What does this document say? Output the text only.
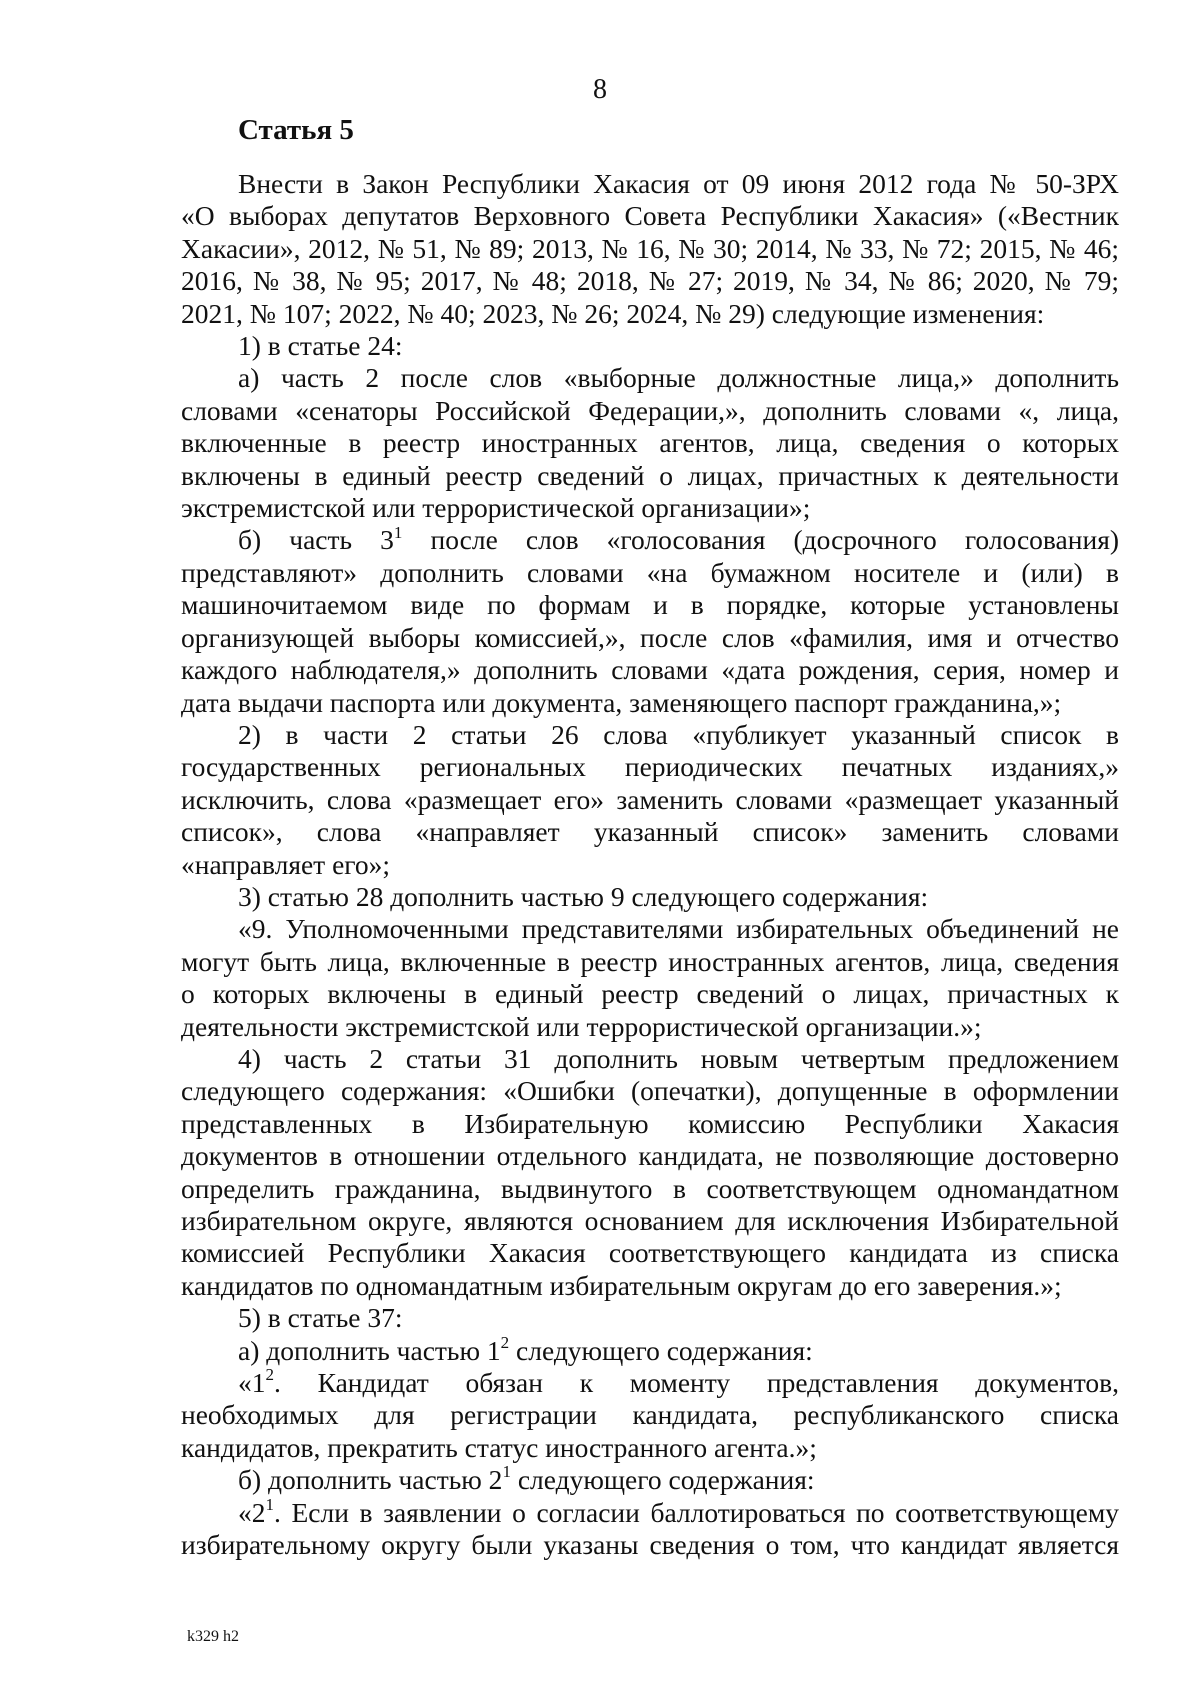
8
Статья 5
Внести в Закон Республики Хакасия от 09 июня 2012 года № 50-ЗРХ
«О выборах депутатов Верховного Совета Республики Хакасия» («Вестник
Хакасии», 2012, № 51, № 89; 2013, № 16, № 30; 2014, № 33, № 72; 2015, № 46;
2016, № 38, № 95; 2017, № 48; 2018, № 27; 2019, № 34, № 86; 2020, № 79;
2021, № 107; 2022, № 40; 2023, № 26; 2024, № 29) следующие изменения:
1) в статье 24:
а) часть 2 после слов «выборные должностные лица,» дополнить
словами «сенаторы Российской Федерации,», дополнить словами «, лица,
включенные в реестр иностранных агентов, лица, сведения о которых
включены в единый реестр сведений о лицах, причастных к деятельности
экстремистской или террористической организации»;
б) часть $3^1$ после слов «голосования (досрочного голосования)
представляют» дополнить словами «на бумажном носителе и (или) в
машиночитаемом виде по формам и в порядке, которые установлены
организующей выборы комиссией,», после слов «фамилия, имя и отчество
каждого наблюдателя,» дополнить словами «дата рождения, серия, номер и
дата выдачи паспорта или документа, заменяющего паспорт гражданина,»;
2) в части 2 статьи 26 слова «публикует указанный список в
государственных региональных периодических печатных изданиях,»
исключить, слова «размещает его» заменить словами «размещает указанный
список», слова «направляет указанный список» заменить словами
«направляет его»;
3) статью 28 дополнить частью 9 следующего содержания:
«9. Уполномоченными представителями избирательных объединений не
могут быть лица, включенные в реестр иностранных агентов, лица, сведения
о которых включены в единый реестр сведений о лицах, причастных к
деятельности экстремистской или террористической организации.»;
4) часть 2 статьи 31 дополнить новым четвертым предложением
следующего содержания: «Ошибки (опечатки), допущенные в оформлении
представленных в Избирательную комиссию Республики Хакасия
документов в отношении отдельного кандидата, не позволяющие достоверно
определить гражданина, выдвинутого в соответствующем одномандатном
избирательном округе, являются основанием для исключения Избирательной
комиссией Республики Хакасия соответствующего кандидата из списка
кандидатов по одномандатным избирательным округам до его заверения.»;
5) в статье 37:
а) дополнить частью $1^2$ следующего содержания:
«$1^2$. Кандидат обязан к моменту представления документов,
необходимых для регистрации кандидата, республиканского списка
кандидатов, прекратить статус иностранного агента.»;
б) дополнить частью $2^1$ следующего содержания:
«$2^1$. Если в заявлении о согласии баллотироваться по соответствующему
избирательному округу были указаны сведения о том, что кандидат является
k329 h2
